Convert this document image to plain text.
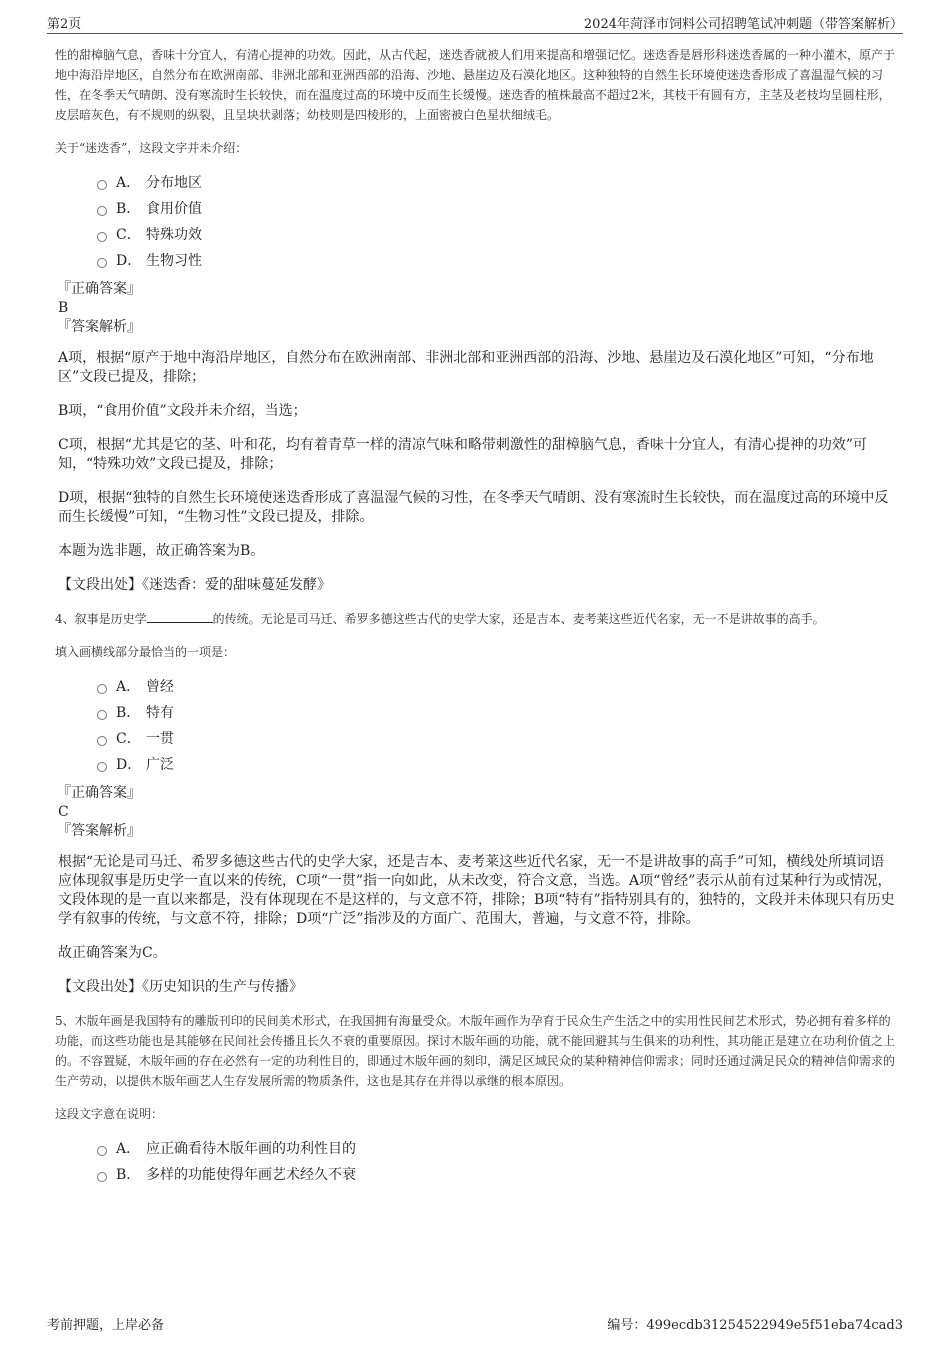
第2页	2024年菏泽市饲料公司招聘笔试冲刺题（带答案解析）

性的甜樟脑气息，香味十分宜人，有清心提神的功效。因此，从古代起，迷迭香就被人们用来提高和增强记忆。迷迭香是唇形科迷迭香属的一种小灌木，原产于地中海沿岸地区，自然分布在欧洲南部、非洲北部和亚洲西部的沿海、沙地、悬崖边及石漠化地区。这种独特的自然生长环境使迷迭香形成了喜温湿气候的习性，在冬季天气晴朗、没有寒流时生长较快，而在温度过高的环境中反而生长缓慢。迷迭香的植株最高不超过2米，其枝干有圆有方，主茎及老枝均呈圆柱形，皮层暗灰色，有不规则的纵裂，且呈块状剥落；幼枝则是四棱形的，上面密被白色星状细绒毛。

关于“迷迭香”，这段文字并未介绍：

A． 分布地区
B． 食用价值
C． 特殊功效
D． 生物习性

『正确答案』

B

『答案解析』

A项，根据“原产于地中海沿岸地区，自然分布在欧洲南部、非洲北部和亚洲西部的沿海、沙地、悬崖边及石漠化地区”可知，“分布地区”文段已提及，排除；

B项，“食用价值”文段并未介绍，当选；

C项，根据“尤其是它的茎、叶和花，均有着青草一样的清凉气味和略带刺激性的甜樟脑气息，香味十分宜人，有清心提神的功效”可知，“特殊功效”文段已提及，排除；

D项，根据“独特的自然生长环境使迷迭香形成了喜温湿气候的习性，在冬季天气晴朗、没有寒流时生长较快，而在温度过高的环境中反而生长缓慢”可知，“生物习性”文段已提及，排除。

本题为选非题，故正确答案为B。

【文段出处】《迷迭香：爱的甜味蔓延发酵》

4、叙事是历史学	的传统。无论是司马迁、希罗多德这些古代的史学大家，还是吉本、麦考莱这些近代名家，无一不是讲故事的高手。

填入画横线部分最恰当的一项是：

A． 曾经
B． 特有
C． 一贯
D． 广泛

『正确答案』

C

『答案解析』

根据“无论是司马迁、希罗多德这些古代的史学大家，还是吉本、麦考莱这些近代名家，无一不是讲故事的高手”可知，横线处所填词语应体现叙事是历史学一直以来的传统，C项“一贯”指一向如此，从未改变，符合文意，当选。A项“曾经”表示从前有过某种行为或情况，文段体现的是一直以来都是，没有体现现在不是这样的，与文意不符，排除；B项“特有”指特别具有的，独特的，文段并未体现只有历史学有叙事的传统，与文意不符，排除；D项“广泛”指涉及的方面广、范围大，普遍，与文意不符，排除。

故正确答案为C。

【文段出处】《历史知识的生产与传播》

5、木版年画是我国特有的雕版刊印的民间美术形式，在我国拥有海量受众。木版年画作为孕育于民众生产生活之中的实用性民间艺术形式，势必拥有着多样的功能，而这些功能也是其能够在民间社会传播且长久不衰的重要原因。探讨木版年画的功能，就不能回避其与生俱来的功利性，其功能正是建立在功利价值之上的。不容置疑，木版年画的存在必然有一定的功利性目的，即通过木版年画的刻印，满足区域民众的某种精神信仰需求；同时还通过满足民众的精神信仰需求的生产劳动，以提供木版年画艺人生存发展所需的物质条件，这也是其存在并得以承继的根本原因。

这段文字意在说明：

A． 应正确看待木版年画的功利性目的
B． 多样的功能使得年画艺术经久不衰
考前押题，上岸必备	编号：499ecdb31254522949e5f51eba74cad3
